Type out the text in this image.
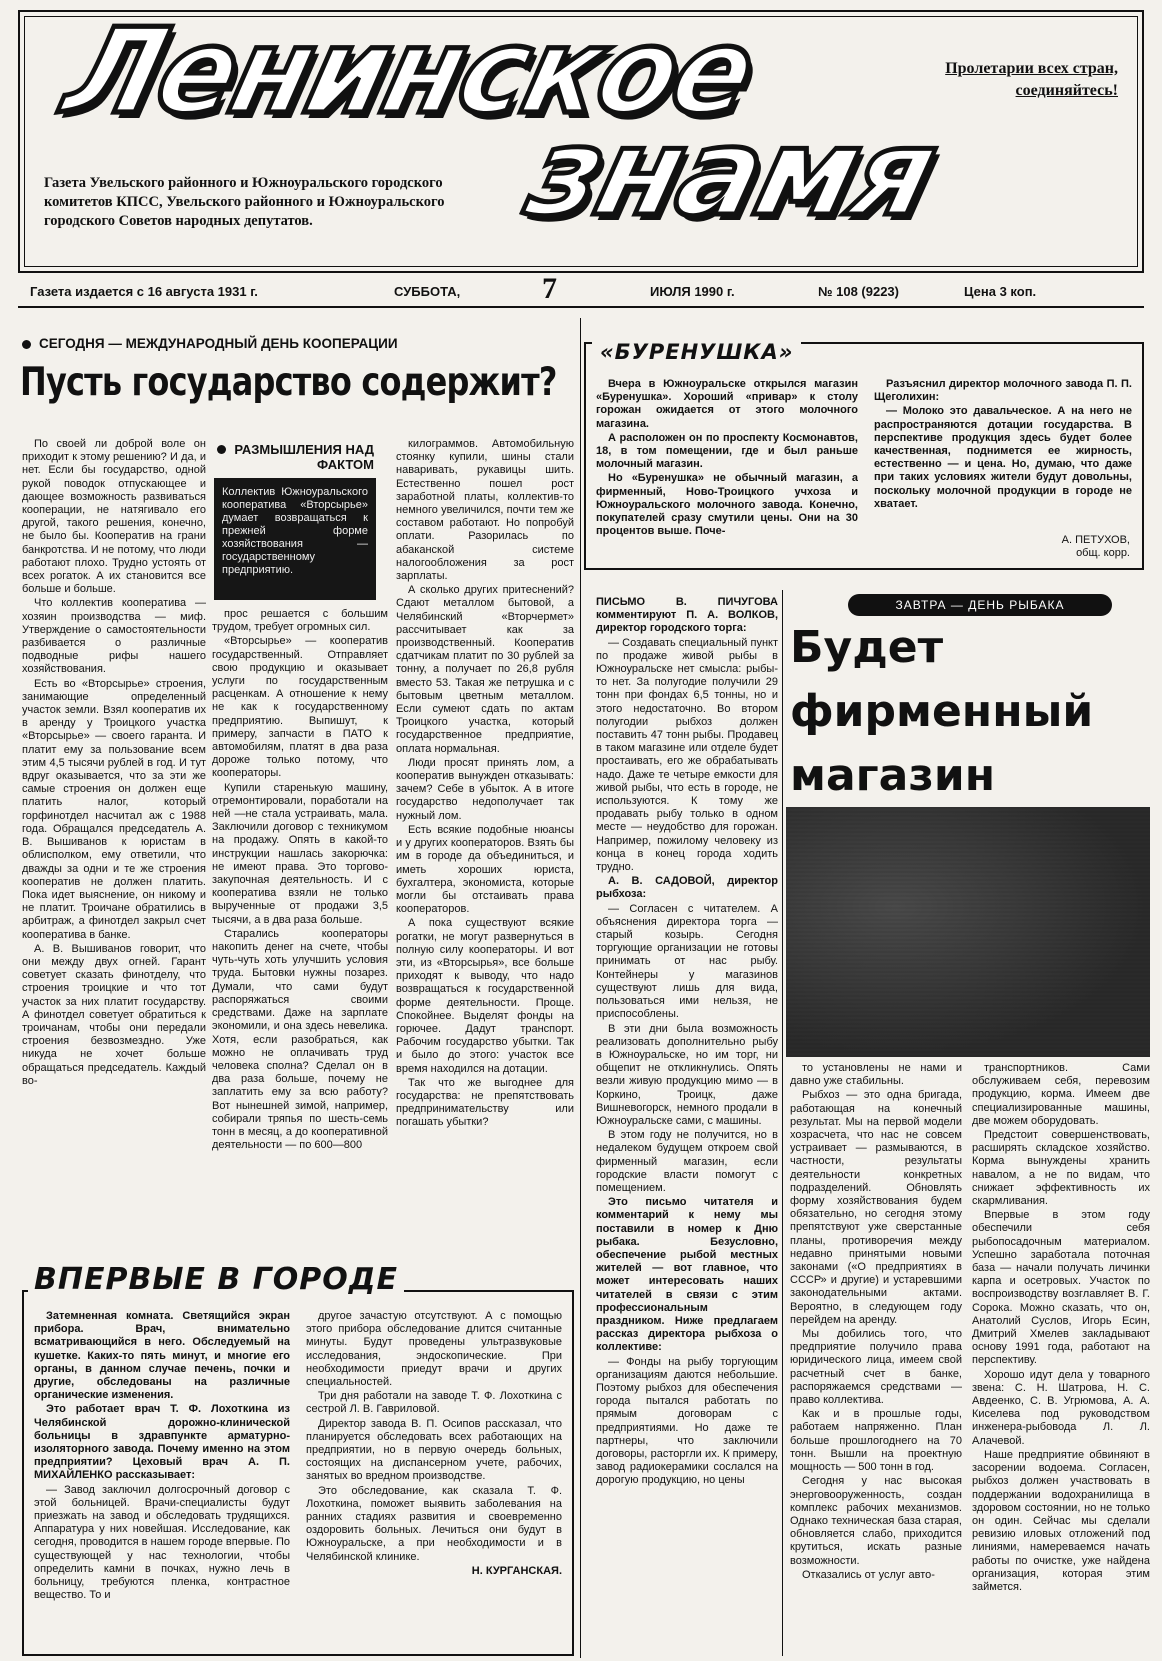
Ленинское
знамя
Пролетарии всех стран,
соединяйтесь!
Газета Увельского районного и Южноуральского городского комитетов КПСС, Увельского районного и Южноуральского городского Советов народных депутатов.
Газета издается с 16 августа 1931 г.	СУББОТА,	7	ИЮЛЯ 1990 г.	№ 108 (9223)	Цена 3 коп.
СЕГОДНЯ — МЕЖДУНАРОДНЫЙ ДЕНЬ КООПЕРАЦИИ
Пусть государство содержит?

По своей ли доброй воле он приходит к этому решению? И да, и нет. Если бы государство, одной рукой поводок отпускающее и дающее возможность развиваться кооперации, не натягивало его другой, такого решения, конечно, не было бы. Кооператив на грани банкротства. И не потому, что люди работают плохо. Трудно устоять от всех рогаток. А их становится все больше и больше.

Что коллектив кооператива — хозяин производства — миф. Утверждение о самостоятельности разбивается о различные подводные рифы нашего хозяйствования.

Есть во «Вторсырье» строения, занимающие определенный участок земли. Взял кооператив их в аренду у Троицкого участка «Вторсырье» — своего гаранта. И платит ему за пользование всем этим 4,5 тысячи рублей в год. И тут вдруг оказывается, что за эти же самые строения он должен еще платить налог, который горфинотдел насчитал аж с 1988 года. Обращался председатель А. В. Вышиванов к юристам в облисполком, ему ответили, что дважды за одни и те же строения кооператив не должен платить. Пока идет выяснение, он никому и не платит. Троичане обратились в арбитраж, а финотдел закрыл счет кооператива в банке.

А. В. Вышиванов говорит, что они между двух огней. Гарант советует сказать финотделу, что строения троицкие и что тот участок за них платит государству. А финотдел советует обратиться к троичанам, чтобы они передали строения безвозмездно. Уже никуда не хочет больше обращаться председатель. Каждый во-

РАЗМЫШЛЕНИЯ НАД ФАКТОМ
Коллектив Южноуральского кооператива «Вторсырье» думает возвращаться к прежней форме хозяйствования — государственному предприятию.

прос решается с большим трудом, требует огромных сил.

«Вторсырье» — кооператив государственный. Отправляет свою продукцию и оказывает услуги по государственным расценкам. А отношение к нему не как к государственному предприятию. Выпишут, к примеру, запчасти в ПАТО к автомобилям, платят в два раза дороже только потому, что кооператоры.

Купили старенькую машину, отремонтировали, поработали на ней —не стала устраивать, мала. Заключили договор с техникумом на продажу. Опять в какой-то инструкции нашлась закорючка: не имеют права. Это торгово-закупочная деятельность. И с кооператива взяли не только вырученные от продажи 3,5 тысячи, а в два раза больше.

Старались кооператоры накопить денег на счете, чтобы чуть-чуть хоть улучшить условия труда. Бытовки нужны позарез. Думали, что сами будут распоряжаться своими средствами. Даже на зарплате экономили, и она здесь невелика. Хотя, если разобраться, как можно не оплачивать труд человека сполна? Сделал он в два раза больше, почему не заплатить ему за всю работу? Вот нынешней зимой, например, собирали тряпья по шесть-семь тонн в месяц, а до кооперативной деятельности — по 600—800

килограммов. Автомобильную стоянку купили, шины стали наваривать, рукавицы шить. Естественно пошел рост заработной платы, коллектив-то немного увеличился, почти тем же составом работают. Но попробуй оплати. Разорилась по абаканской системе налогообложения за рост зарплаты.

А сколько других притеснений? Сдают металлом бытовой, а Челябинский «Вторчермет» рассчитывает как за производственный. Кооператив сдатчикам платит по 30 рублей за тонну, а получает по 26,8 рубля вместо 53. Такая же петрушка и с бытовым цветным металлом. Если сумеют сдать по актам Троицкого участка, который государственное предприятие, оплата нормальная.

Люди просят принять лом, а кооператив вынужден отказывать: зачем? Себе в убыток. А в итоге государство недополучает так нужный лом.

Есть всякие подобные нюансы и у других кооператоров. Взять бы им в городе да объединиться, и иметь хороших юриста, бухгалтера, экономиста, которые могли бы отстаивать права кооператоров.

А пока существуют всякие рогатки, не могут развернуться в полную силу кооператоры. И вот эти, из «Вторсырья», все больше приходят к выводу, что надо возвращаться к государственной форме деятельности. Проще. Спокойнее. Выделят фонды на горючее. Дадут транспорт. Рабочим государство убытки. Так и было до этого: участок все время находился на дотации.

Так что же выгоднее для государства: не препятствовать предпринимательству или погашать убытки?

«БУРЕНУШКА»

Вчера в Южноуральске открылся магазин «Буренушка». Хороший «привар» к столу горожан ожидается от этого молочного магазина.

А расположен он по проспекту Космонавтов, 18, в том помещении, где и был раньше молочный магазин.

Но «Буренушка» не обычный магазин, а фирменный, Ново-Троицкого учхоза и Южноуральского молочного завода. Конечно, покупателей сразу смутили цены. Они на 30 процентов выше. Поче-

Разъяснил директор молочного завода П. П. Щеголихин:

— Молоко это давальческое. А на него не распространяются дотации государства. В перспективе продукция здесь будет более качественная, поднимется ее жирность, естественно — и цена. Но, думаю, что даже при таких условиях жители будут довольны, поскольку молочной продукции в городе не хватает.

А. ПЕТУХОВ,
общ. корр.

ПИСЬМО В. ПИЧУГОВА комментируют П. А. ВОЛКОВ, директор городского торга:

— Создавать специальный пункт по продаже живой рыбы в Южноуральске нет смысла: рыбы-то нет. За полугодие получили 29 тонн при фондах 6,5 тонны, но и этого недостаточно. Во втором полугодии рыбхоз должен поставить 47 тонн рыбы. Продавец в таком магазине или отделе будет простаивать, его же обрабатывать надо. Даже те четыре емкости для живой рыбы, что есть в городе, не используются. К тому же продавать рыбу только в одном месте — неудобство для горожан. Например, пожилому человеку из конца в конец города ходить трудно.

А. В. САДОВОЙ, директор рыбхоза:

— Согласен с читателем. А объяснения директора торга — старый козырь. Сегодня торгующие организации не готовы принимать от нас рыбу. Контейнеры у магазинов существуют лишь для вида, пользоваться ими нельзя, не приспособлены.

В эти дни была возможность реализовать дополнительно рыбу в Южноуральске, но им торг, ни общепит не откликнулись. Опять везли живую продукцию мимо — в Коркино, Троицк, даже Вишневогорск, немного продали в Южноуральске сами, с машины.

В этом году не получится, но в недалеком будущем откроем свой фирменный магазин, если городские власти помогут с помещением.

Это письмо читателя и комментарий к нему мы поставили в номер к Дню рыбака. Безусловно, обеспечение рыбой местных жителей — вот главное, что может интересовать наших читателей в связи с этим профессиональным праздником. Ниже предлагаем рассказ директора рыбхоза о коллективе:

— Фонды на рыбу торгующим организациям даются небольшие. Поэтому рыбхоз для обеспечения города пытался работать по прямым договорам с предприятиями. Но даже те партнеры, что заключили договоры, расторгли их. К примеру, завод радиокерамики сослался на дорогую продукцию, но цены

ЗАВТРА — ДЕНЬ РЫБАКА
Будет фирменный магазин

то установлены не нами и давно уже стабильны.

Рыбхоз — это одна бригада, работающая на конечный результат. Мы на первой модели хозрасчета, что нас не совсем устраивает — размываются, в частности, результаты деятельности конкретных подразделений. Обновлять форму хозяйствования будем обязательно, но сегодня этому препятствуют уже сверстанные планы, противоречия между недавно принятыми новыми законами («О предприятиях в СССР» и другие) и устаревшими законодательными актами. Вероятно, в следующем году перейдем на аренду.

Мы добились того, что предприятие получило права юридического лица, имеем свой расчетный счет в банке, распоряжаемся средствами — право коллектива.

Как и в прошлые годы, работаем напряженно. План больше прошлогоднего на 70 тонн. Вышли на проектную мощность — 500 тонн в год.

Сегодня у нас высокая энерговооруженность, создан комплекс рабочих механизмов. Однако техническая база старая, обновляется слабо, приходится крутиться, искать разные возможности.

Отказались от услуг авто-

транспортников. Сами обслуживаем себя, перевозим продукцию, корма. Имеем две специализированные машины, две можем оборудовать.

Предстоит совершенствовать, расширять складское хозяйство. Корма вынуждены хранить навалом, а не по видам, что снижает эффективность их скармливания.

Впервые в этом году обеспечили себя рыбопосадочным материалом. Успешно заработала поточная база — начали получать личинки карпа и осетровых. Участок по воспроизводству возглавляет В. Г. Сорока. Можно сказать, что он, Анатолий Суслов, Игорь Есин, Дмитрий Хмелев закладывают основу 1991 года, работают на перспективу.

Хорошо идут дела у товарного звена: С. Н. Шатрова, Н. С. Авдеенко, С. В. Угрюмова, А. А. Киселева под руководством инженера-рыбовода Л. Л. Алачевой.

Наше предприятие обвиняют в засорении водоема. Согласен, рыбхоз должен участвовать в поддержании водохранилища в здоровом состоянии, но не только он один. Сейчас мы сделали ревизию иловых отложений под линиями, намереваемся начать работы по очистке, уже найдена организация, которая этим займется.

ВПЕРВЫЕ В ГОРОДЕ

Затемненная комната. Светящийся экран прибора. Врач, внимательно всматривающийся в него. Обследуемый на кушетке. Каких-то пять минут, и многие его органы, в данном случае печень, почки и другие, обследованы на различные органические изменения.

Это работает врач Т. Ф. Лохоткина из Челябинской дорожно-клинической больницы в здравпункте арматурно-изоляторного завода. Почему именно на этом предприятии? Цеховый врач А. П. МИХАЙЛЕНКО рассказывает:

— Завод заключил долгосрочный договор с этой больницей. Врачи-специалисты будут приезжать на завод и обследовать трудящихся. Аппаратура у них новейшая. Исследование, как сегодня, проводится в нашем городе впервые. По существующей у нас технологии, чтобы определить камни в почках, нужно лечь в больницу, требуются пленка, контрастное вещество. То и

другое зачастую отсутствуют. А с помощью этого прибора обследование длится считанные минуты. Будут проведены ультразвуковые исследования, эндоскопические. При необходимости приедут врачи и других специальностей.

Три дня работали на заводе Т. Ф. Лохоткина с сестрой Л. В. Гавриловой.

Директор завода В. П. Осипов рассказал, что планируется обследовать всех работающих на предприятии, но в первую очередь больных, состоящих на диспансерном учете, рабочих, занятых во вредном производстве.

Это обследование, как сказала Т. Ф. Лохоткина, поможет выявить заболевания на ранних стадиях развития и своевременно оздоровить больных. Лечиться они будут в Южноуральске, а при необходимости и в Челябинской клинике.

Н. КУРГАНСКАЯ.
